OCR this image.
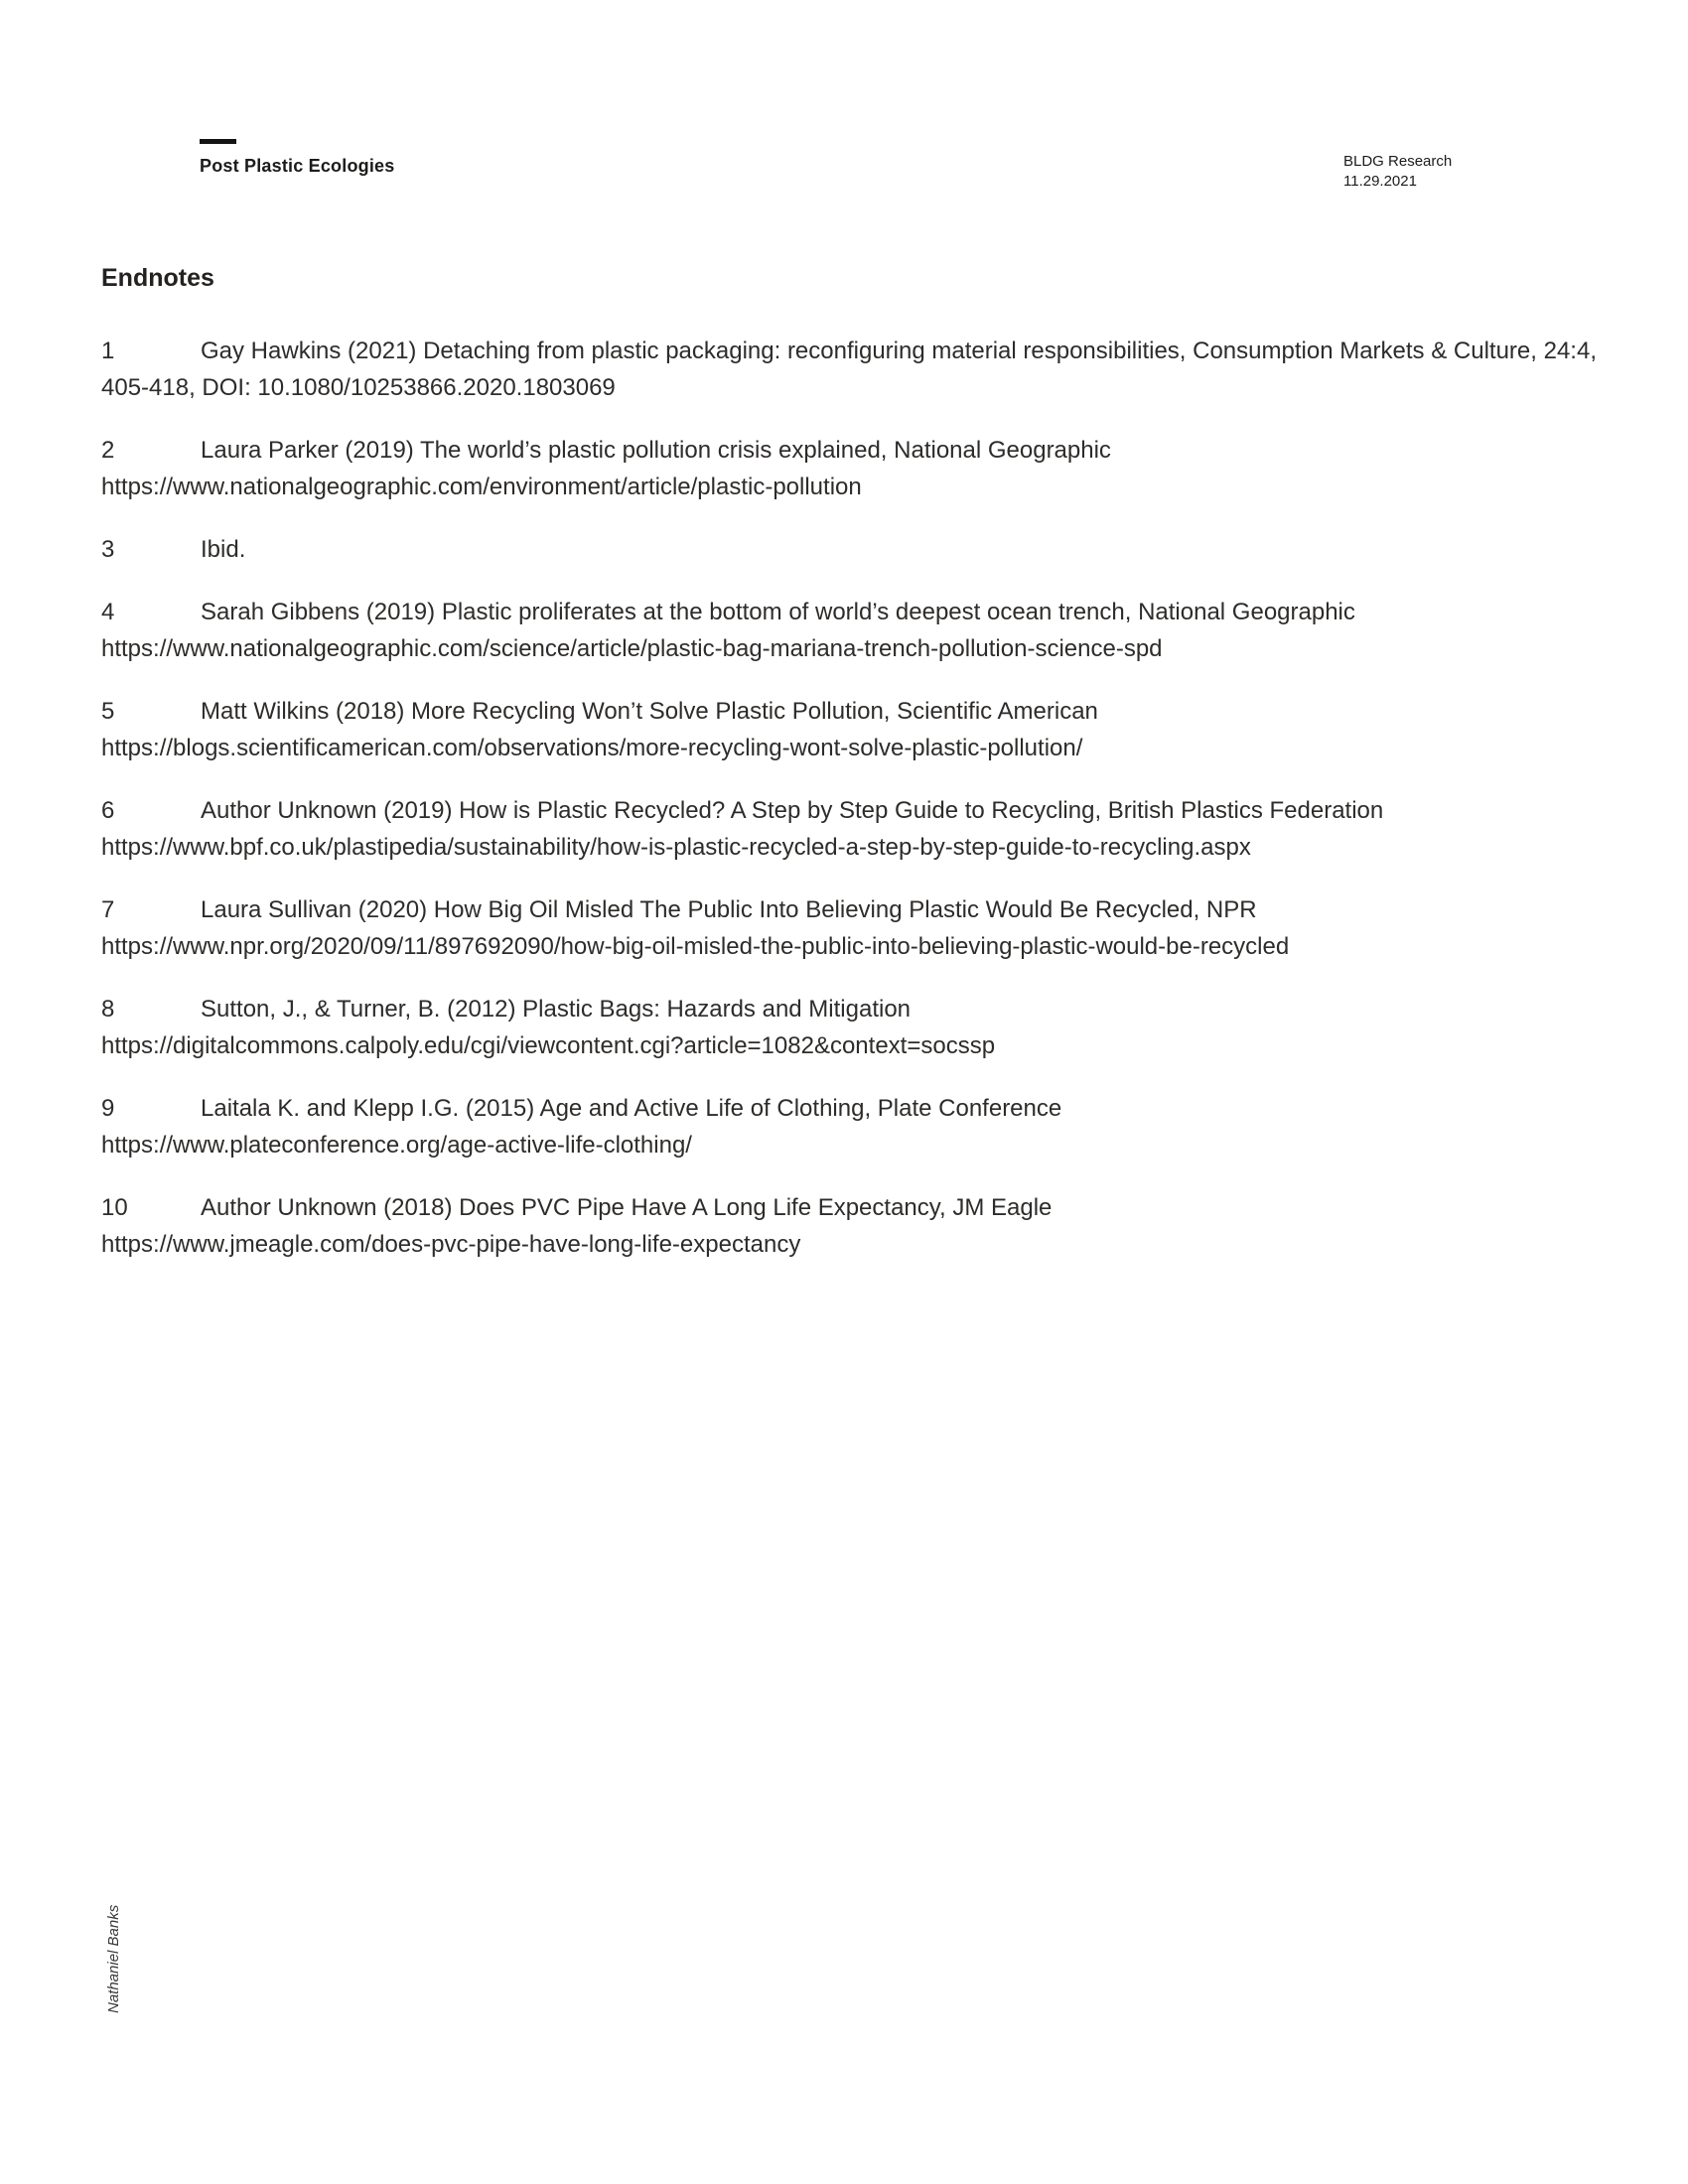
Post Plastic Ecologies	BLDG Research
11.29.2021
Endnotes

1	Gay Hawkins (2021) Detaching from plastic packaging: reconfiguring material responsibilities, Consumption Markets & Culture, 24:4, 405-418, DOI: 10.1080/10253866.2020.1803069

2	Laura Parker (2019) The world’s plastic pollution crisis explained, National Geographic

https://www.nationalgeographic.com/environment/article/plastic-pollution

3	Ibid.

4	Sarah Gibbens (2019) Plastic proliferates at the bottom of world’s deepest ocean trench, National Geographic

https://www.nationalgeographic.com/science/article/plastic-bag-mariana-trench-pollution-science-spd

5	Matt Wilkins (2018) More Recycling Won’t Solve Plastic Pollution, Scientific American

https://blogs.scientificamerican.com/observations/more-recycling-wont-solve-plastic-pollution/

6	Author Unknown (2019) How is Plastic Recycled? A Step by Step Guide to Recycling, British Plastics Federation

https://www.bpf.co.uk/plastipedia/sustainability/how-is-plastic-recycled-a-step-by-step-guide-to-recycling.aspx

7	Laura Sullivan (2020) How Big Oil Misled The Public Into Believing Plastic Would Be Recycled, NPR

https://www.npr.org/2020/09/11/897692090/how-big-oil-misled-the-public-into-believing-plastic-would-be-recycled

8	Sutton, J., & Turner, B. (2012) Plastic Bags: Hazards and Mitigation

https://digitalcommons.calpoly.edu/cgi/viewcontent.cgi?article=1082&context=socssp

9	Laitala K. and Klepp I.G. (2015) Age and Active Life of Clothing, Plate Conference

https://www.plateconference.org/age-active-life-clothing/

10	Author Unknown (2018) Does PVC Pipe Have A Long Life Expectancy, JM Eagle

https://www.jmeagle.com/does-pvc-pipe-have-long-life-expectancy

Nathaniel Banks
